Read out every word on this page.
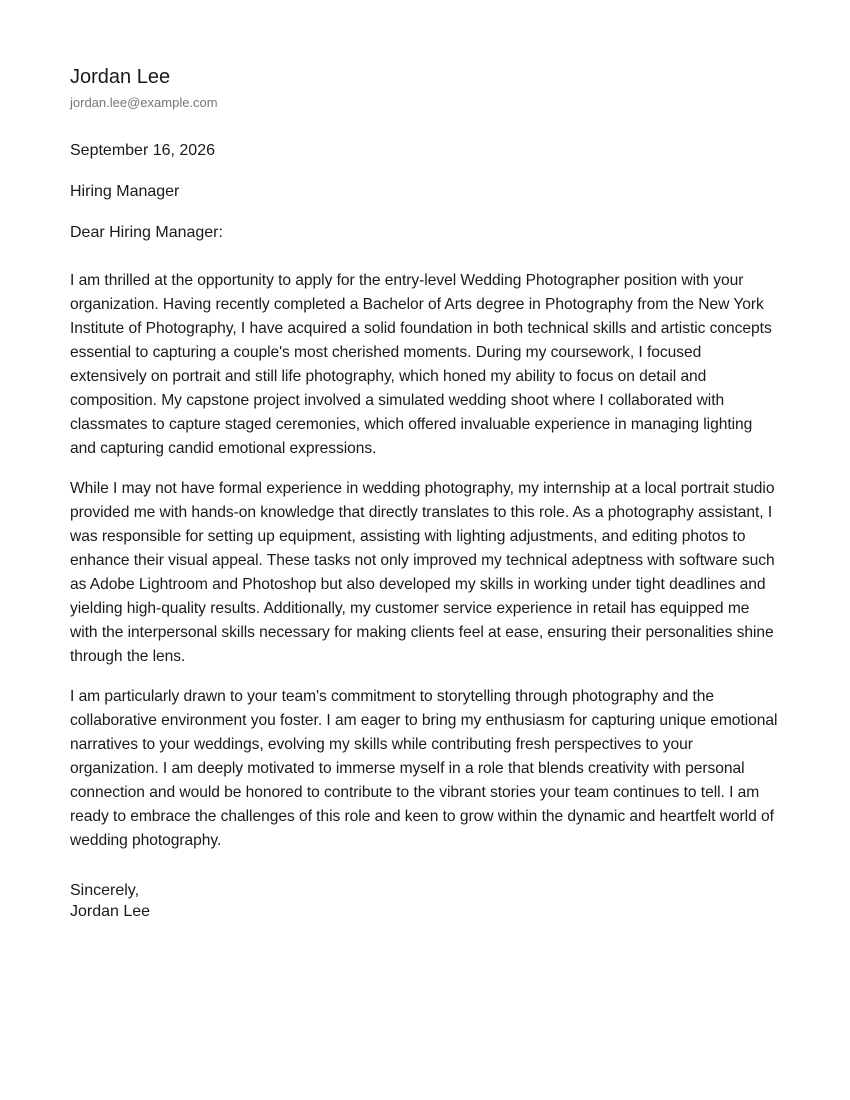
Jordan Lee
jordan.lee@example.com
September 16, 2026
Hiring Manager
Dear Hiring Manager:

I am thrilled at the opportunity to apply for the entry-level Wedding Photographer position with your organization. Having recently completed a Bachelor of Arts degree in Photography from the New York Institute of Photography, I have acquired a solid foundation in both technical skills and artistic concepts essential to capturing a couple's most cherished moments. During my coursework, I focused extensively on portrait and still life photography, which honed my ability to focus on detail and composition. My capstone project involved a simulated wedding shoot where I collaborated with classmates to capture staged ceremonies, which offered invaluable experience in managing lighting and capturing candid emotional expressions.

While I may not have formal experience in wedding photography, my internship at a local portrait studio provided me with hands-on knowledge that directly translates to this role. As a photography assistant, I was responsible for setting up equipment, assisting with lighting adjustments, and editing photos to enhance their visual appeal. These tasks not only improved my technical adeptness with software such as Adobe Lightroom and Photoshop but also developed my skills in working under tight deadlines and yielding high-quality results. Additionally, my customer service experience in retail has equipped me with the interpersonal skills necessary for making clients feel at ease, ensuring their personalities shine through the lens.

I am particularly drawn to your team's commitment to storytelling through photography and the collaborative environment you foster. I am eager to bring my enthusiasm for capturing unique emotional narratives to your weddings, evolving my skills while contributing fresh perspectives to your organization. I am deeply motivated to immerse myself in a role that blends creativity with personal connection and would be honored to contribute to the vibrant stories your team continues to tell. I am ready to embrace the challenges of this role and keen to grow within the dynamic and heartfelt world of wedding photography.

Sincerely,
Jordan Lee
